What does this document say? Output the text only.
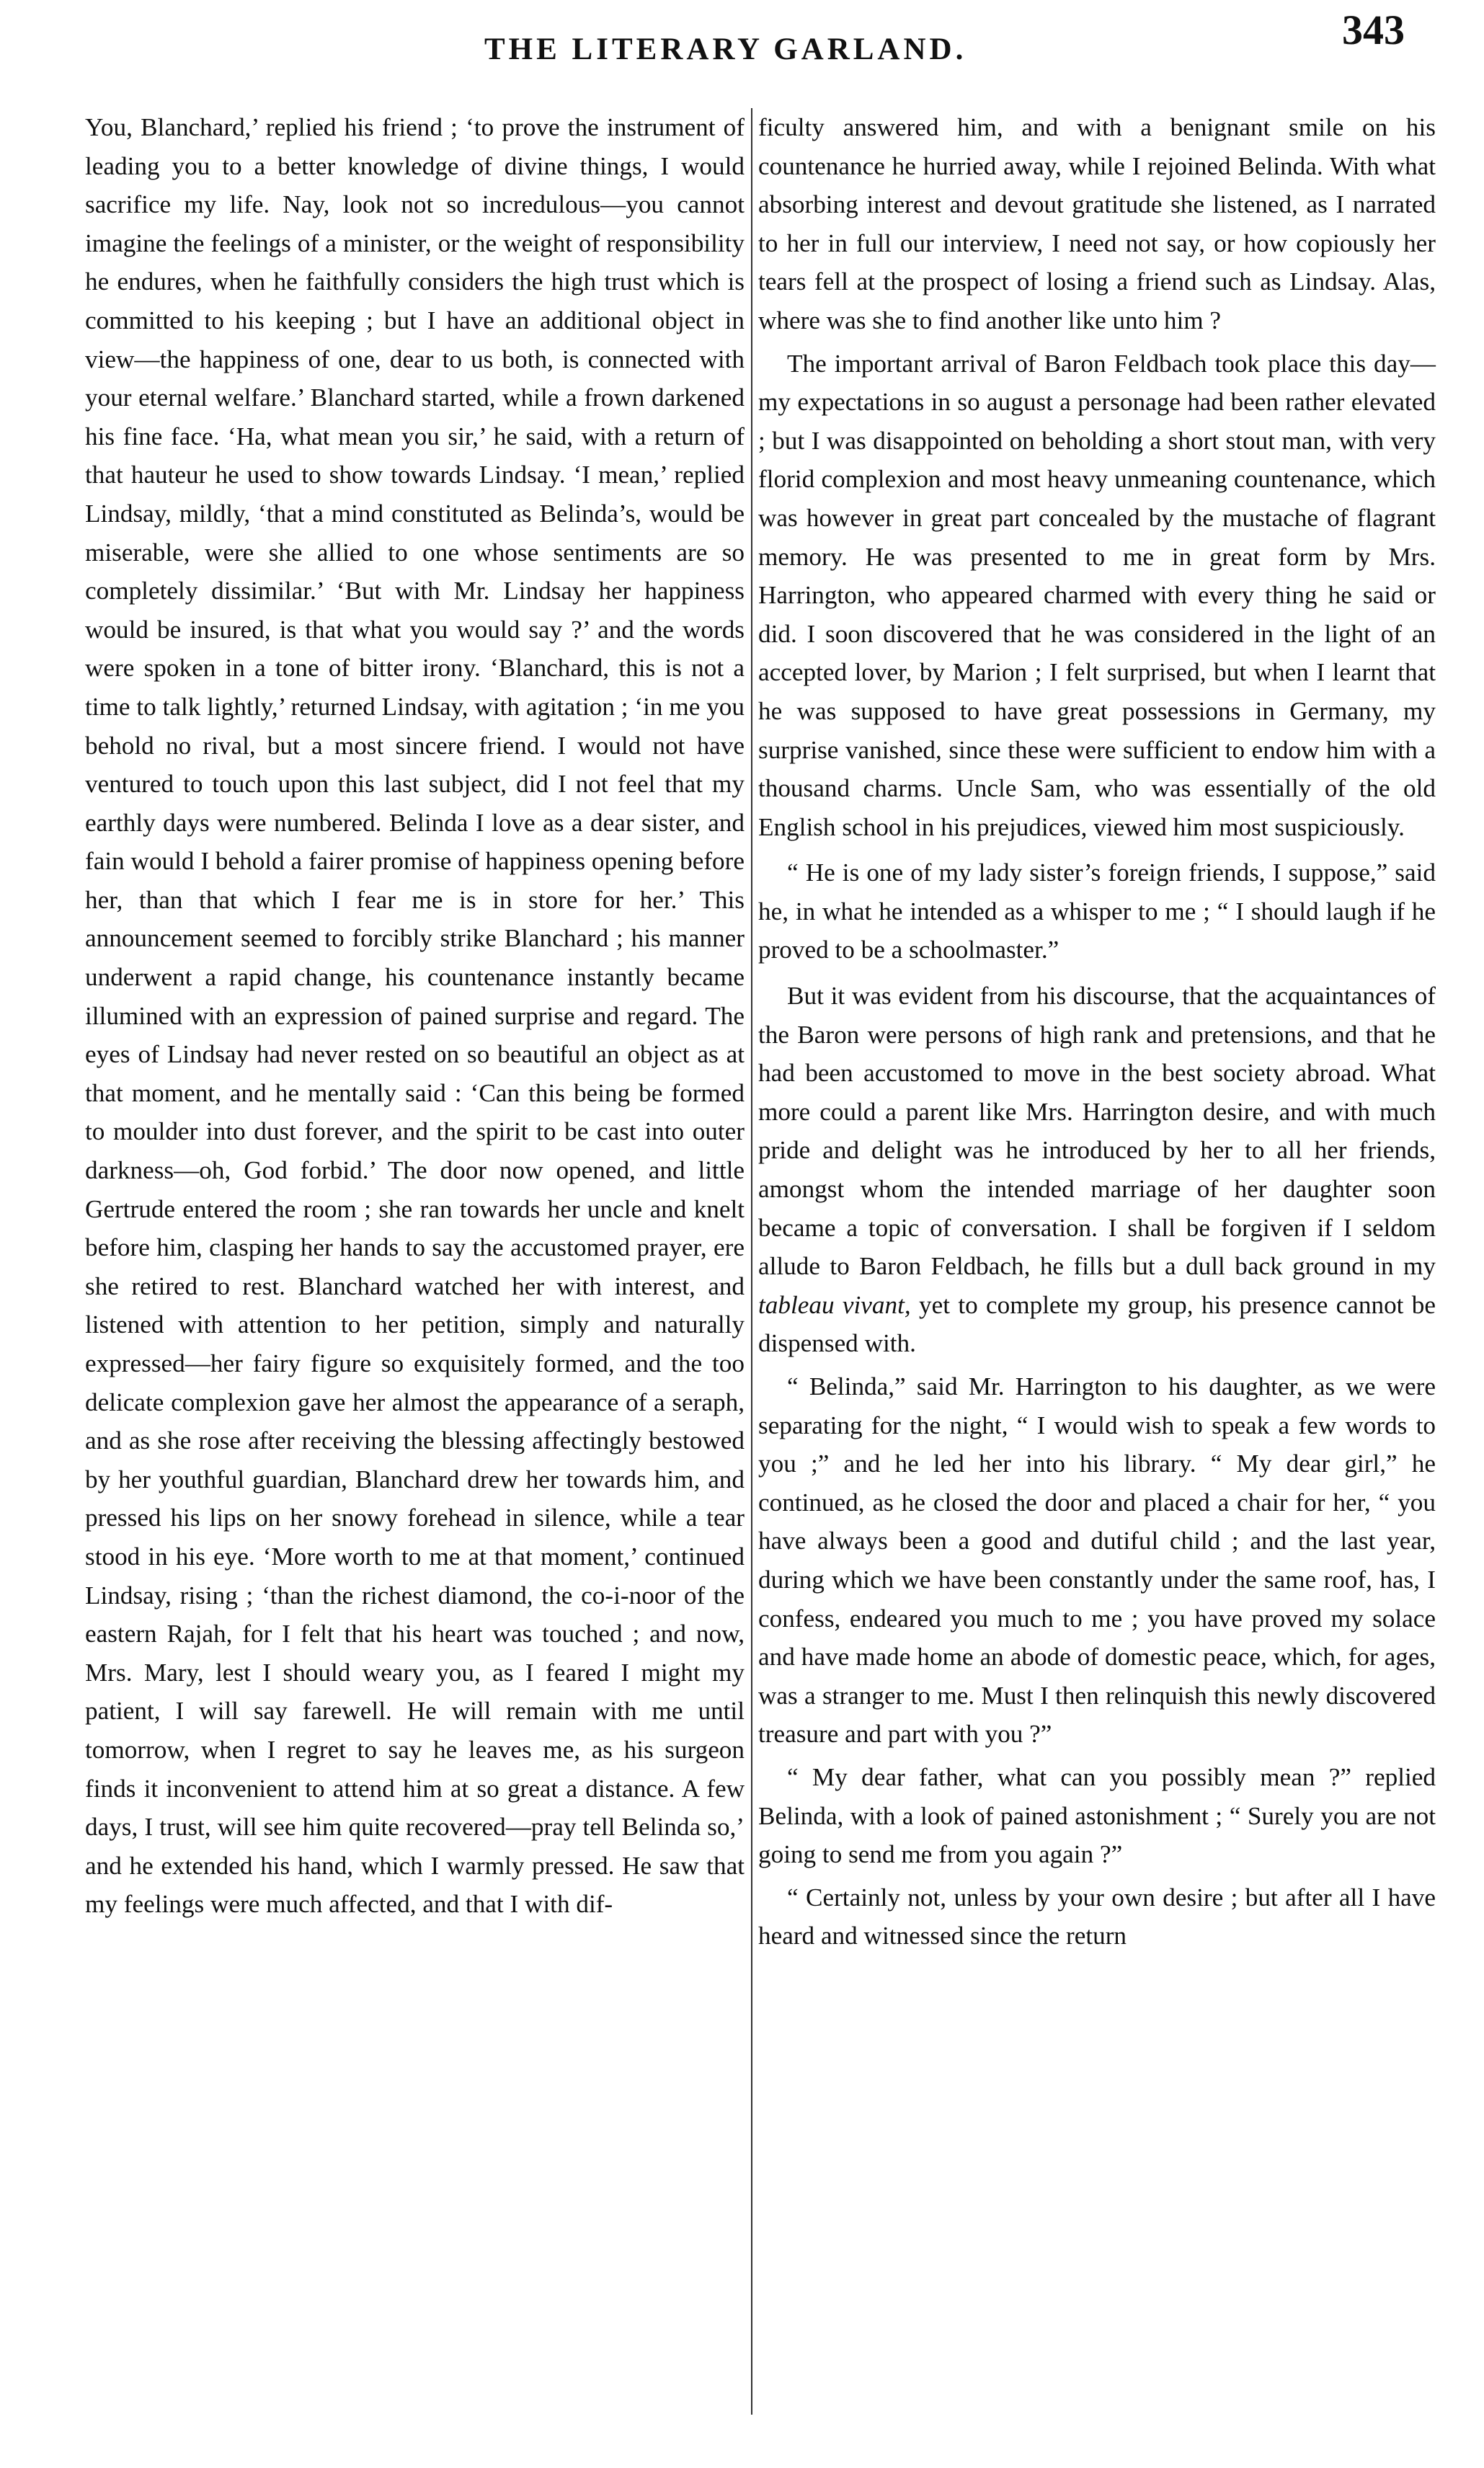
THE LITERARY GARLAND.	343

You, Blanchard,’ replied his friend ; ‘to prove the instrument of leading you to a better knowledge of divine things, I would sacrifice my life. Nay, look not so incredulous—you cannot imagine the feelings of a minister, or the weight of responsibility he endures, when he faithfully considers the high trust which is committed to his keeping ; but I have an additional object in view—the happiness of one, dear to us both, is connected with your eternal welfare.’ Blanchard started, while a frown darkened his fine face. ‘Ha, what mean you sir,’ he said, with a return of that hauteur he used to show towards Lindsay. ‘I mean,’ replied Lindsay, mildly, ‘that a mind constituted as Belinda’s, would be miserable, were she allied to one whose sentiments are so completely dissimilar.’ ‘But with Mr. Lindsay her happiness would be insured, is that what you would say ?’ and the words were spoken in a tone of bitter irony. ‘Blanchard, this is not a time to talk lightly,’ returned Lindsay, with agitation ; ‘in me you behold no rival, but a most sincere friend. I would not have ventured to touch upon this last subject, did I not feel that my earthly days were numbered. Belinda I love as a dear sister, and fain would I behold a fairer promise of happiness opening before her, than that which I fear me is in store for her.’ This announcement seemed to forcibly strike Blanchard ; his manner underwent a rapid change, his countenance instantly became illumined with an expression of pained surprise and regard. The eyes of Lindsay had never rested on so beautiful an object as at that moment, and he mentally said : ‘Can this being be formed to moulder into dust forever, and the spirit to be cast into outer darkness—oh, God forbid.’ The door now opened, and little Gertrude entered the room ; she ran towards her uncle and knelt before him, clasping her hands to say the accustomed prayer, ere she retired to rest. Blanchard watched her with interest, and listened with attention to her petition, simply and naturally expressed—her fairy figure so exquisitely formed, and the too delicate complexion gave her almost the appearance of a seraph, and as she rose after receiving the blessing affectingly bestowed by her youthful guardian, Blanchard drew her towards him, and pressed his lips on her snowy forehead in silence, while a tear stood in his eye. ‘More worth to me at that moment,’ continued Lindsay, rising ; ‘than the richest diamond, the co-i-noor of the eastern Rajah, for I felt that his heart was touched ; and now, Mrs. Mary, lest I should weary you, as I feared I might my patient, I will say farewell. He will remain with me until tomorrow, when I regret to say he leaves me, as his surgeon finds it inconvenient to attend him at so great a distance. A few days, I trust, will see him quite recovered—pray tell Belinda so,’ and he extended his hand, which I warmly pressed. He saw that my feelings were much affected, and that I with dif-

ficulty answered him, and with a benignant smile on his countenance he hurried away, while I rejoined Belinda. With what absorbing interest and devout gratitude she listened, as I narrated to her in full our interview, I need not say, or how copiously her tears fell at the prospect of losing a friend such as Lindsay. Alas, where was she to find another like unto him ?

The important arrival of Baron Feldbach took place this day—my expectations in so august a personage had been rather elevated ; but I was disappointed on beholding a short stout man, with very florid complexion and most heavy unmeaning countenance, which was however in great part concealed by the mustache of flagrant memory. He was presented to me in great form by Mrs. Harrington, who appeared charmed with every thing he said or did. I soon discovered that he was considered in the light of an accepted lover, by Marion ; I felt surprised, but when I learnt that he was supposed to have great possessions in Germany, my surprise vanished, since these were sufficient to endow him with a thousand charms. Uncle Sam, who was essentially of the old English school in his prejudices, viewed him most suspiciously.

“ He is one of my lady sister’s foreign friends, I suppose,” said he, in what he intended as a whisper to me ; “ I should laugh if he proved to be a schoolmaster.”

But it was evident from his discourse, that the acquaintances of the Baron were persons of high rank and pretensions, and that he had been accustomed to move in the best society abroad. What more could a parent like Mrs. Harrington desire, and with much pride and delight was he introduced by her to all her friends, amongst whom the intended marriage of her daughter soon became a topic of conversation. I shall be forgiven if I seldom allude to Baron Feldbach, he fills but a dull back ground in my tableau vivant, yet to complete my group, his presence cannot be dispensed with.

“ Belinda,” said Mr. Harrington to his daughter, as we were separating for the night, “ I would wish to speak a few words to you ;” and he led her into his library. “ My dear girl,” he continued, as he closed the door and placed a chair for her, “ you have always been a good and dutiful child ; and the last year, during which we have been constantly under the same roof, has, I confess, endeared you much to me ; you have proved my solace and have made home an abode of domestic peace, which, for ages, was a stranger to me. Must I then relinquish this newly discovered treasure and part with you ?”

“ My dear father, what can you possibly mean ?” replied Belinda, with a look of pained astonishment ; “ Surely you are not going to send me from you again ?”

“ Certainly not, unless by your own desire ; but after all I have heard and witnessed since the return
